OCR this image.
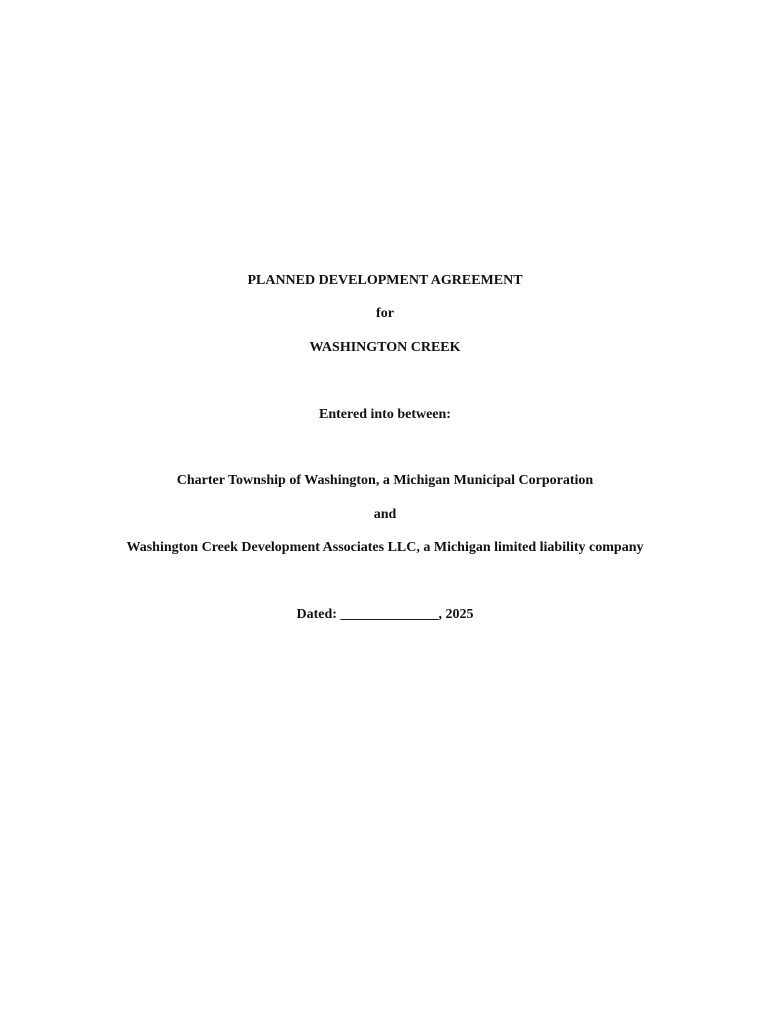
PLANNED DEVELOPMENT AGREEMENT
for
WASHINGTON CREEK
Entered into between:
Charter Township of Washington, a Michigan Municipal Corporation
and
Washington Creek Development Associates LLC, a Michigan limited liability company
Dated: ______________, 2025
